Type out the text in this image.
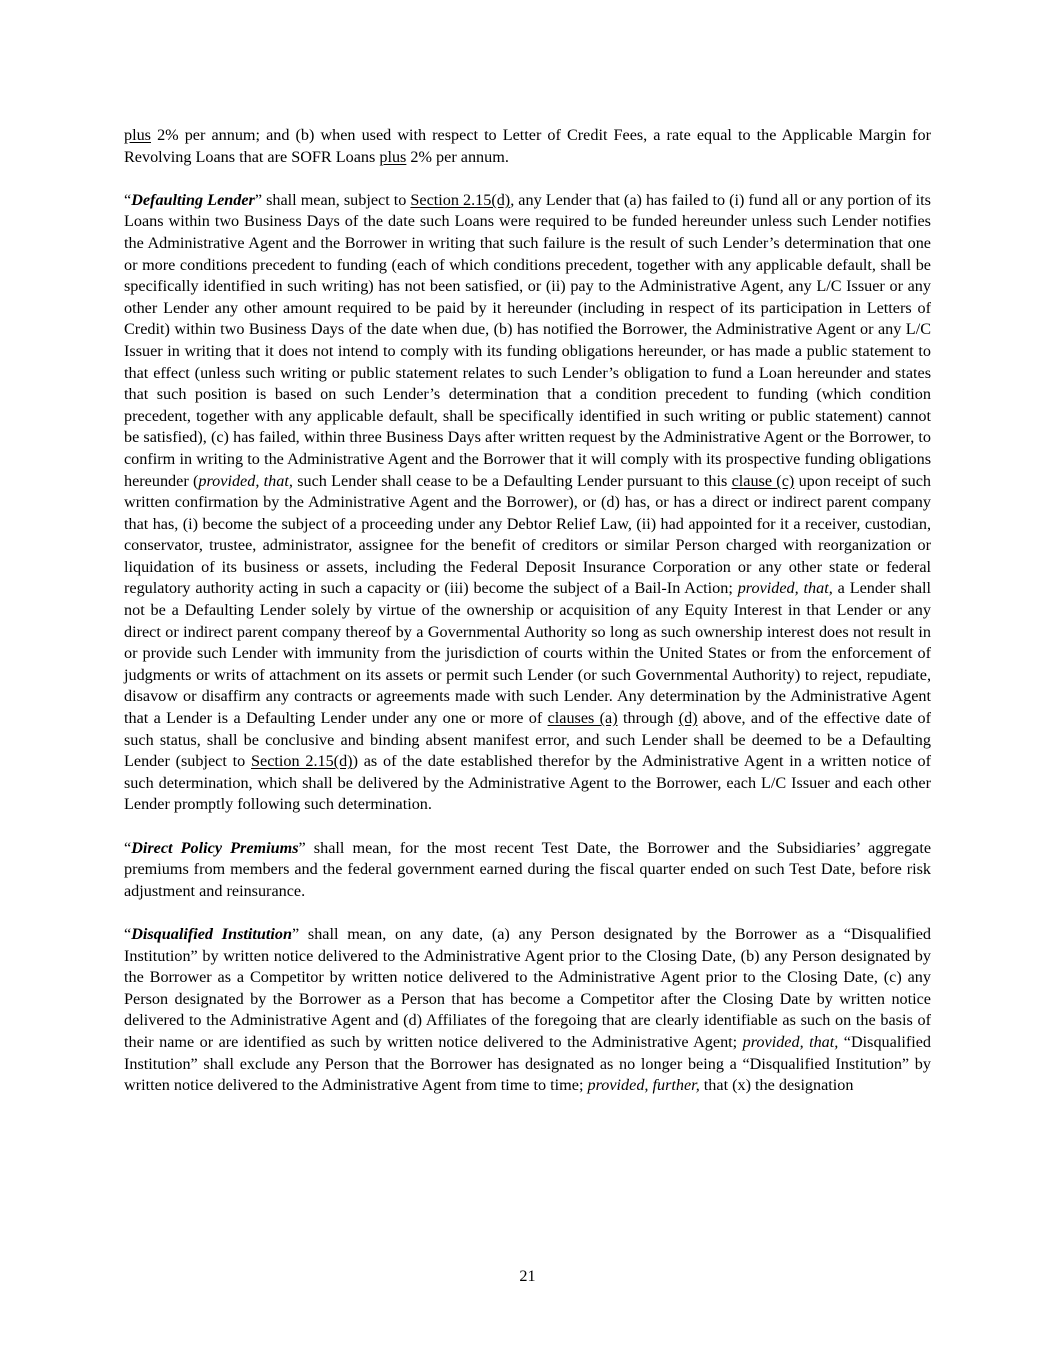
plus 2% per annum; and (b) when used with respect to Letter of Credit Fees, a rate equal to the Applicable Margin for Revolving Loans that are SOFR Loans plus 2% per annum.

“Defaulting Lender” shall mean, subject to Section 2.15(d), any Lender that (a) has failed to (i) fund all or any portion of its Loans within two Business Days of the date such Loans were required to be funded hereunder unless such Lender notifies the Administrative Agent and the Borrower in writing that such failure is the result of such Lender’s determination that one or more conditions precedent to funding (each of which conditions precedent, together with any applicable default, shall be specifically identified in such writing) has not been satisfied, or (ii) pay to the Administrative Agent, any L/C Issuer or any other Lender any other amount required to be paid by it hereunder (including in respect of its participation in Letters of Credit) within two Business Days of the date when due, (b) has notified the Borrower, the Administrative Agent or any L/C Issuer in writing that it does not intend to comply with its funding obligations hereunder, or has made a public statement to that effect (unless such writing or public statement relates to such Lender’s obligation to fund a Loan hereunder and states that such position is based on such Lender’s determination that a condition precedent to funding (which condition precedent, together with any applicable default, shall be specifically identified in such writing or public statement) cannot be satisfied), (c) has failed, within three Business Days after written request by the Administrative Agent or the Borrower, to confirm in writing to the Administrative Agent and the Borrower that it will comply with its prospective funding obligations hereunder (provided, that, such Lender shall cease to be a Defaulting Lender pursuant to this clause (c) upon receipt of such written confirmation by the Administrative Agent and the Borrower), or (d) has, or has a direct or indirect parent company that has, (i) become the subject of a proceeding under any Debtor Relief Law, (ii) had appointed for it a receiver, custodian, conservator, trustee, administrator, assignee for the benefit of creditors or similar Person charged with reorganization or liquidation of its business or assets, including the Federal Deposit Insurance Corporation or any other state or federal regulatory authority acting in such a capacity or (iii) become the subject of a Bail-In Action; provided, that, a Lender shall not be a Defaulting Lender solely by virtue of the ownership or acquisition of any Equity Interest in that Lender or any direct or indirect parent company thereof by a Governmental Authority so long as such ownership interest does not result in or provide such Lender with immunity from the jurisdiction of courts within the United States or from the enforcement of judgments or writs of attachment on its assets or permit such Lender (or such Governmental Authority) to reject, repudiate, disavow or disaffirm any contracts or agreements made with such Lender. Any determination by the Administrative Agent that a Lender is a Defaulting Lender under any one or more of clauses (a) through (d) above, and of the effective date of such status, shall be conclusive and binding absent manifest error, and such Lender shall be deemed to be a Defaulting Lender (subject to Section 2.15(d)) as of the date established therefor by the Administrative Agent in a written notice of such determination, which shall be delivered by the Administrative Agent to the Borrower, each L/C Issuer and each other Lender promptly following such determination.

“Direct Policy Premiums” shall mean, for the most recent Test Date, the Borrower and the Subsidiaries’ aggregate premiums from members and the federal government earned during the fiscal quarter ended on such Test Date, before risk adjustment and reinsurance.

“Disqualified Institution” shall mean, on any date, (a) any Person designated by the Borrower as a “Disqualified Institution” by written notice delivered to the Administrative Agent prior to the Closing Date, (b) any Person designated by the Borrower as a Competitor by written notice delivered to the Administrative Agent prior to the Closing Date, (c) any Person designated by the Borrower as a Person that has become a Competitor after the Closing Date by written notice delivered to the Administrative Agent and (d) Affiliates of the foregoing that are clearly identifiable as such on the basis of their name or are identified as such by written notice delivered to the Administrative Agent; provided, that, “Disqualified Institution” shall exclude any Person that the Borrower has designated as no longer being a “Disqualified Institution” by written notice delivered to the Administrative Agent from time to time; provided, further, that (x) the designation

21
